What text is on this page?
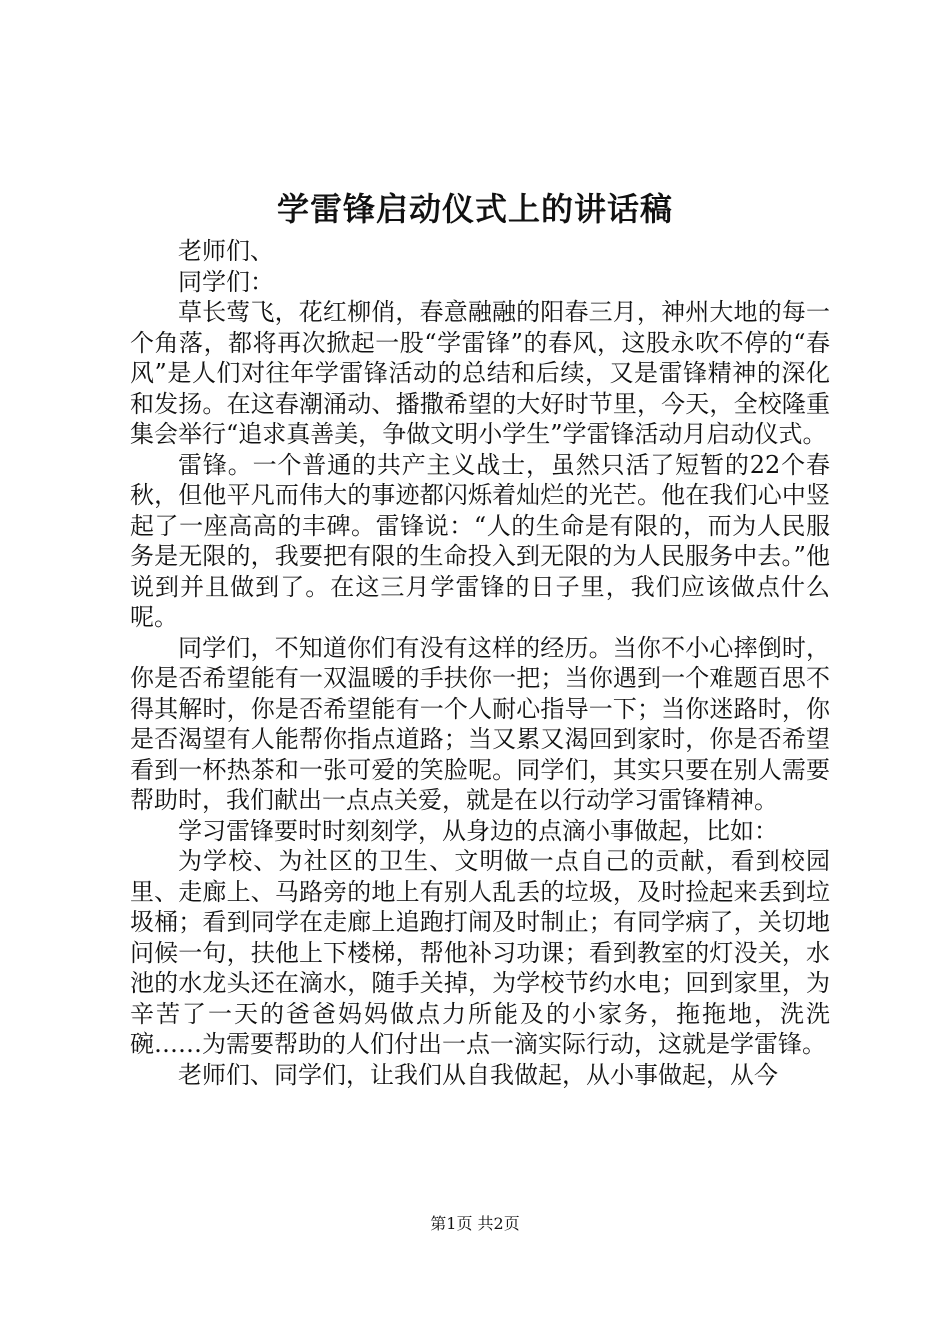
学雷锋启动仪式上的讲话稿
老师们、
同学们：

草长莺飞，花红柳俏，春意融融的阳春三月，神州大地的每一个角落，都将再次掀起一股“学雷锋”的春风，这股永吹不停的“春风”是人们对往年学雷锋活动的总结和后续，又是雷锋精神的深化和发扬。在这春潮涌动、播撒希望的大好时节里，今天，全校隆重集会举行“追求真善美，争做文明小学生”学雷锋活动月启动仪式。

雷锋。一个普通的共产主义战士，虽然只活了短暂的22个春秋，但他平凡而伟大的事迹都闪烁着灿烂的光芒。他在我们心中竖起了一座高高的丰碑。雷锋说：“人的生命是有限的，而为人民服务是无限的，我要把有限的生命投入到无限的为人民服务中去。”他说到并且做到了。在这三月学雷锋的日子里，我们应该做点什么呢。

同学们，不知道你们有没有这样的经历。当你不小心摔倒时，你是否希望能有一双温暖的手扶你一把；当你遇到一个难题百思不得其解时，你是否希望能有一个人耐心指导一下；当你迷路时，你是否渴望有人能帮你指点道路；当又累又渴回到家时，你是否希望看到一杯热茶和一张可爱的笑脸呢。同学们，其实只要在别人需要帮助时，我们献出一点点关爱，就是在以行动学习雷锋精神。

学习雷锋要时时刻刻学，从身边的点滴小事做起，比如：

为学校、为社区的卫生、文明做一点自己的贡献，看到校园里、走廊上、马路旁的地上有别人乱丢的垃圾，及时捡起来丢到垃圾桶；看到同学在走廊上追跑打闹及时制止；有同学病了，关切地问候一句，扶他上下楼梯，帮他补习功课；看到教室的灯没关，水池的水龙头还在滴水，随手关掉，为学校节约水电；回到家里，为辛苦了一天的爸爸妈妈做点力所能及的小家务，拖拖地，洗洗碗……为需要帮助的人们付出一点一滴实际行动，这就是学雷锋。

老师们、同学们，让我们从自我做起，从小事做起，从今

第1页 共2页
